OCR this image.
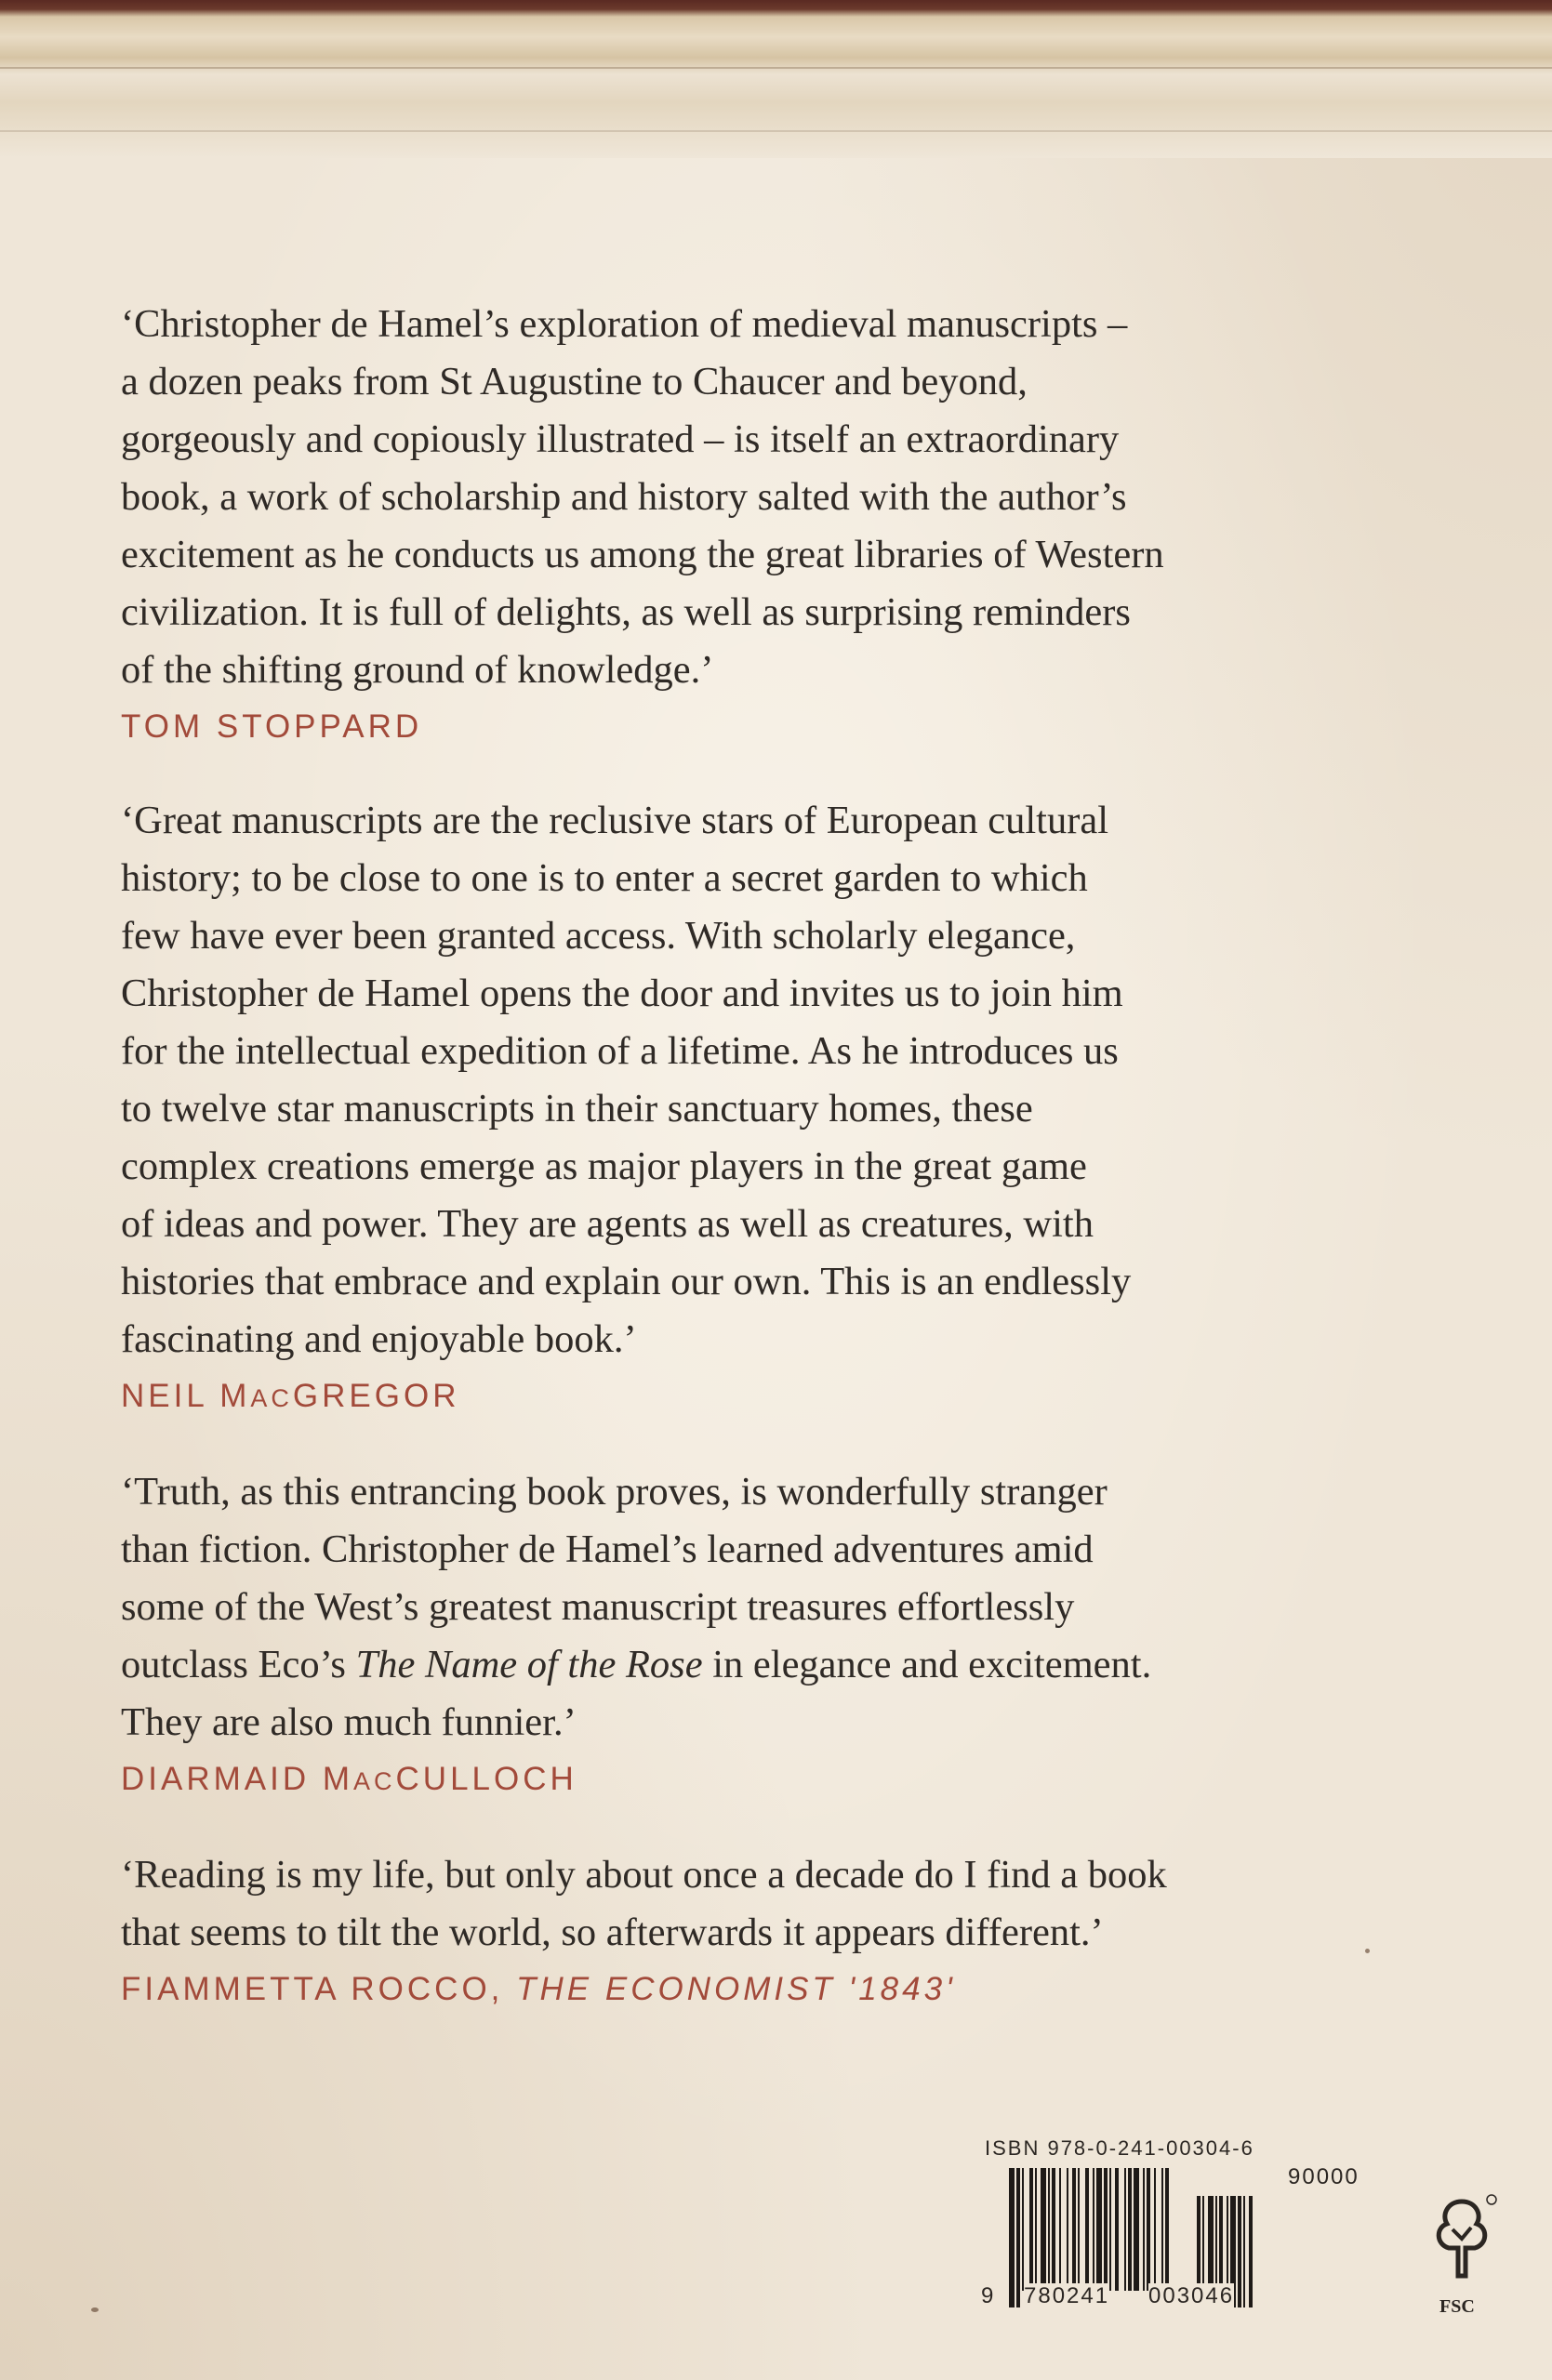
‘Christopher de Hamel’s exploration of medieval manuscripts –
a dozen peaks from St Augustine to Chaucer and beyond,
gorgeously and copiously illustrated – is itself an extraordinary
book, a work of scholarship and history salted with the author’s
excitement as he conducts us among the great libraries of Western
civilization. It is full of delights, as well as surprising reminders
of the shifting ground of knowledge.’

TOM STOPPARD

‘Great manuscripts are the reclusive stars of European cultural
history; to be close to one is to enter a secret garden to which
few have ever been granted access. With scholarly elegance,
Christopher de Hamel opens the door and invites us to join him
for the intellectual expedition of a lifetime. As he introduces us
to twelve star manuscripts in their sanctuary homes, these
complex creations emerge as major players in the great game
of ideas and power. They are agents as well as creatures, with
histories that embrace and explain our own. This is an endlessly
fascinating and enjoyable book.’

NEIL MACGREGOR

‘Truth, as this entrancing book proves, is wonderfully stranger
than fiction. Christopher de Hamel’s learned adventures amid
some of the West’s greatest manuscript treasures effortlessly
outclass Eco’s The Name of the Rose in elegance and excitement.
They are also much funnier.’

DIARMAID MACCULLOCH

‘Reading is my life, but only about once a decade do I find a book
that seems to tilt the world, so afterwards it appears different.’

FIAMMETTA ROCCO, THE ECONOMIST '1843'
ISBN 978-0-241-00304-6
9 780241 003046
90000
FSC
